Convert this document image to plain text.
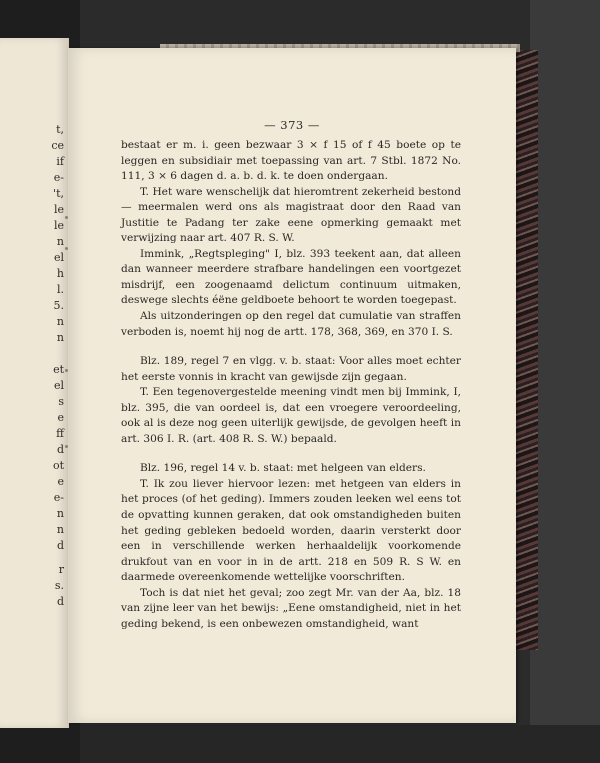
t,
ce
if
e-
't,
le
le
n
el
h
l.
5.
n
n
et
el
s
e
ff
d
ot
e
e-
n
n
d
r
s.
d
— 373 —

bestaat er m. i. geen bezwaar 3 × f 15 of f 45 boete op te leggen en subsidiair met toepassing van art. 7 Stbl. 1872 No. 111, 3 × 6 dagen d. a. b. d. k. te doen ondergaan.

T. Het ware wenschelijk dat hieromtrent zekerheid bestond— meermalen werd ons als magistraat door den Raad van Justitie te Padang ter zake eene opmerking gemaakt met verwijzing naar art. 407 R. S. W.

Immink, „Regtspleging" I, blz. 393 teekent aan, dat alleen dan wanneer meerdere strafbare handelingen een voortgezet misdrijf, een zoogenaamd delictum continuum uitmaken, deswege slechts éëne geldboete behoort te worden toegepast.

Als uitzonderingen op den regel dat cumulatie van straffen verboden is, noemt hij nog de artt. 178, 368, 369, en 370 I. S.

Blz. 189, regel 7 en vlgg. v. b. staat: Voor alles moet echter het eerste vonnis in kracht van gewijsde zijn gegaan.

T. Een tegenovergestelde meening vindt men bij Immink, I, blz. 395, die van oordeel is, dat een vroegere veroordeeling, ook al is deze nog geen uiterlijk gewijsde, de gevolgen heeft in art. 306 I. R. (art. 408 R. S. W.) bepaald.

Blz. 196, regel 14 v. b. staat: met helgeen van elders.

T. Ik zou liever hiervoor lezen: met hetgeen van elders in het proces (of het geding). Immers zouden leeken wel eens tot de opvatting kunnen geraken, dat ook omstandigheden buiten het geding gebleken bedoeld worden, daarin versterkt door een in verschillende werken herhaaldelijk voorkomende drukfout van en voor in in de artt. 218 en 509 R. S W. en daarmede overeenkomende wettelijke voorschriften.

Toch is dat niet het geval; zoo zegt Mr. van der Aa, blz. 18 van zijne leer van het bewijs: „Eene omstandigheid, niet in het geding bekend, is een onbewezen omstandigheid, want
